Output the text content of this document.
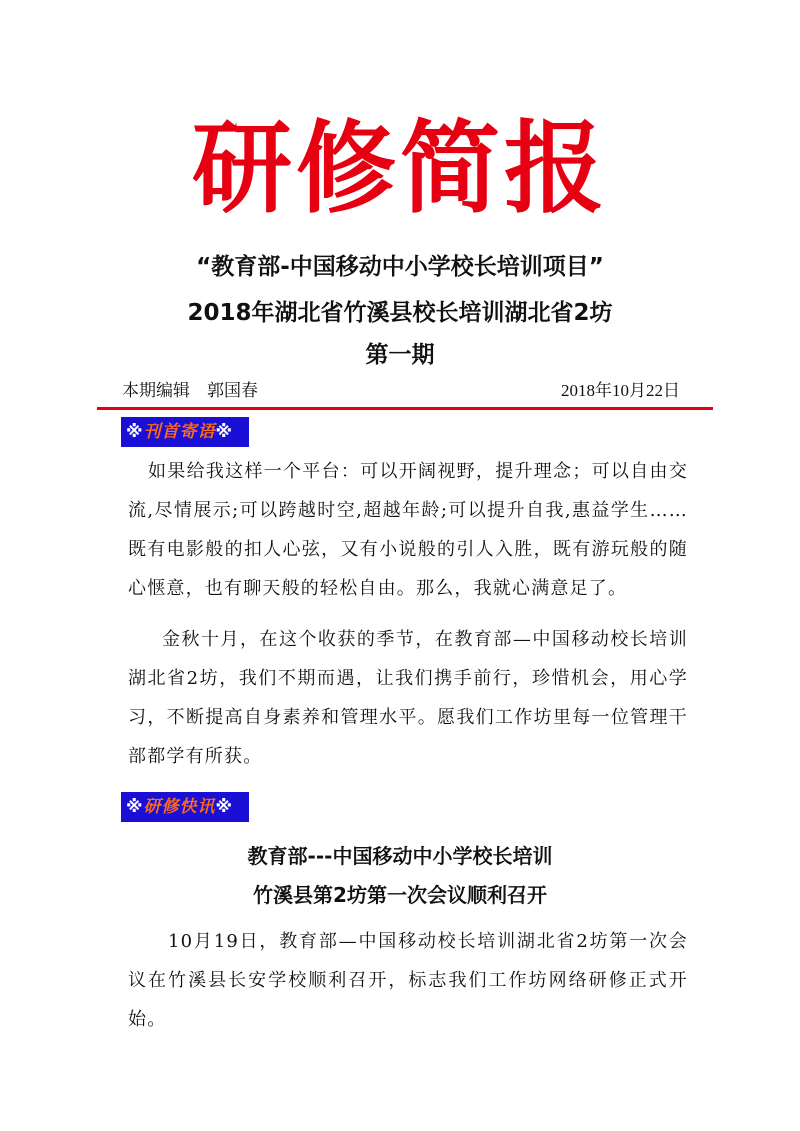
研修简报
“教育部-中国移动中小学校长培训项目”
2018年湖北省竹溪县校长培训湖北省2坊
第一期
本期编辑    郭国春	2018年10月22日
※刊首寄语※
如果给我这样一个平台：可以开阔视野，提升理念；可以自由交流,尽情展示;可以跨越时空,超越年龄;可以提升自我,惠益学生……既有电影般的扣人心弦，又有小说般的引人入胜，既有游玩般的随心惬意，也有聊天般的轻松自由。那么，我就心满意足了。
金秋十月，在这个收获的季节，在教育部—中国移动校长培训湖北省2坊，我们不期而遇，让我们携手前行，珍惜机会，用心学习，不断提高自身素养和管理水平。愿我们工作坊里每一位管理干部都学有所获。
※研修快讯※
教育部---中国移动中小学校长培训
竹溪县第2坊第一次会议顺利召开
10月19日，教育部—中国移动校长培训湖北省2坊第一次会议在竹溪县长安学校顺利召开，标志我们工作坊网络研修正式开始。
